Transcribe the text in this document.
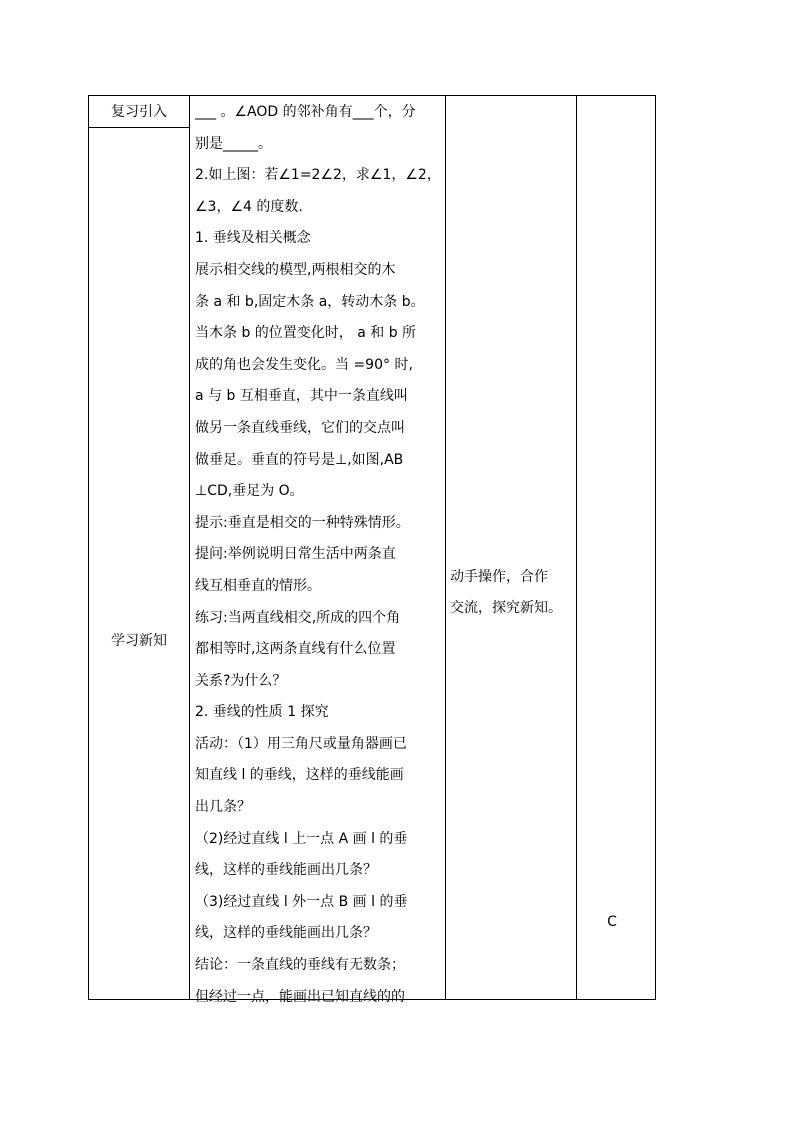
复习引入
学习新知
___ 。∠AOD 的邻补角有___个，分
别是_____。
2.如上图：若∠1=2∠2，求∠1，∠2，
∠3，∠4 的度数.
1. 垂线及相关概念
展示相交线的模型,两根相交的木
条 a 和 b,固定木条 a，转动木条 b。
当木条 b 的位置变化时， a 和 b 所
成的角也会发生变化。当 =90° 时,
a 与 b 互相垂直，其中一条直线叫
做另一条直线垂线，它们的交点叫
做垂足。垂直的符号是⊥,如图,AB
⊥CD,垂足为 O。
提示:垂直是相交的一种特殊情形。
提问:举例说明日常生活中两条直
线互相垂直的情形。
练习:当两直线相交,所成的四个角
都相等时,这两条直线有什么位置
关系?为什么？
2. 垂线的性质 1 探究
活动：（1）用三角尺或量角器画已
知直线 l 的垂线，这样的垂线能画
出几条？
（2)经过直线 l 上一点 A 画 l 的垂
线，这样的垂线能画出几条？
（3)经过直线 l 外一点 B 画 l 的垂
线，这样的垂线能画出几条？
结论：一条直线的垂线有无数条；
但经过一点，能画出已知直线的的
动手操作，合作
交流，探究新知。
C
